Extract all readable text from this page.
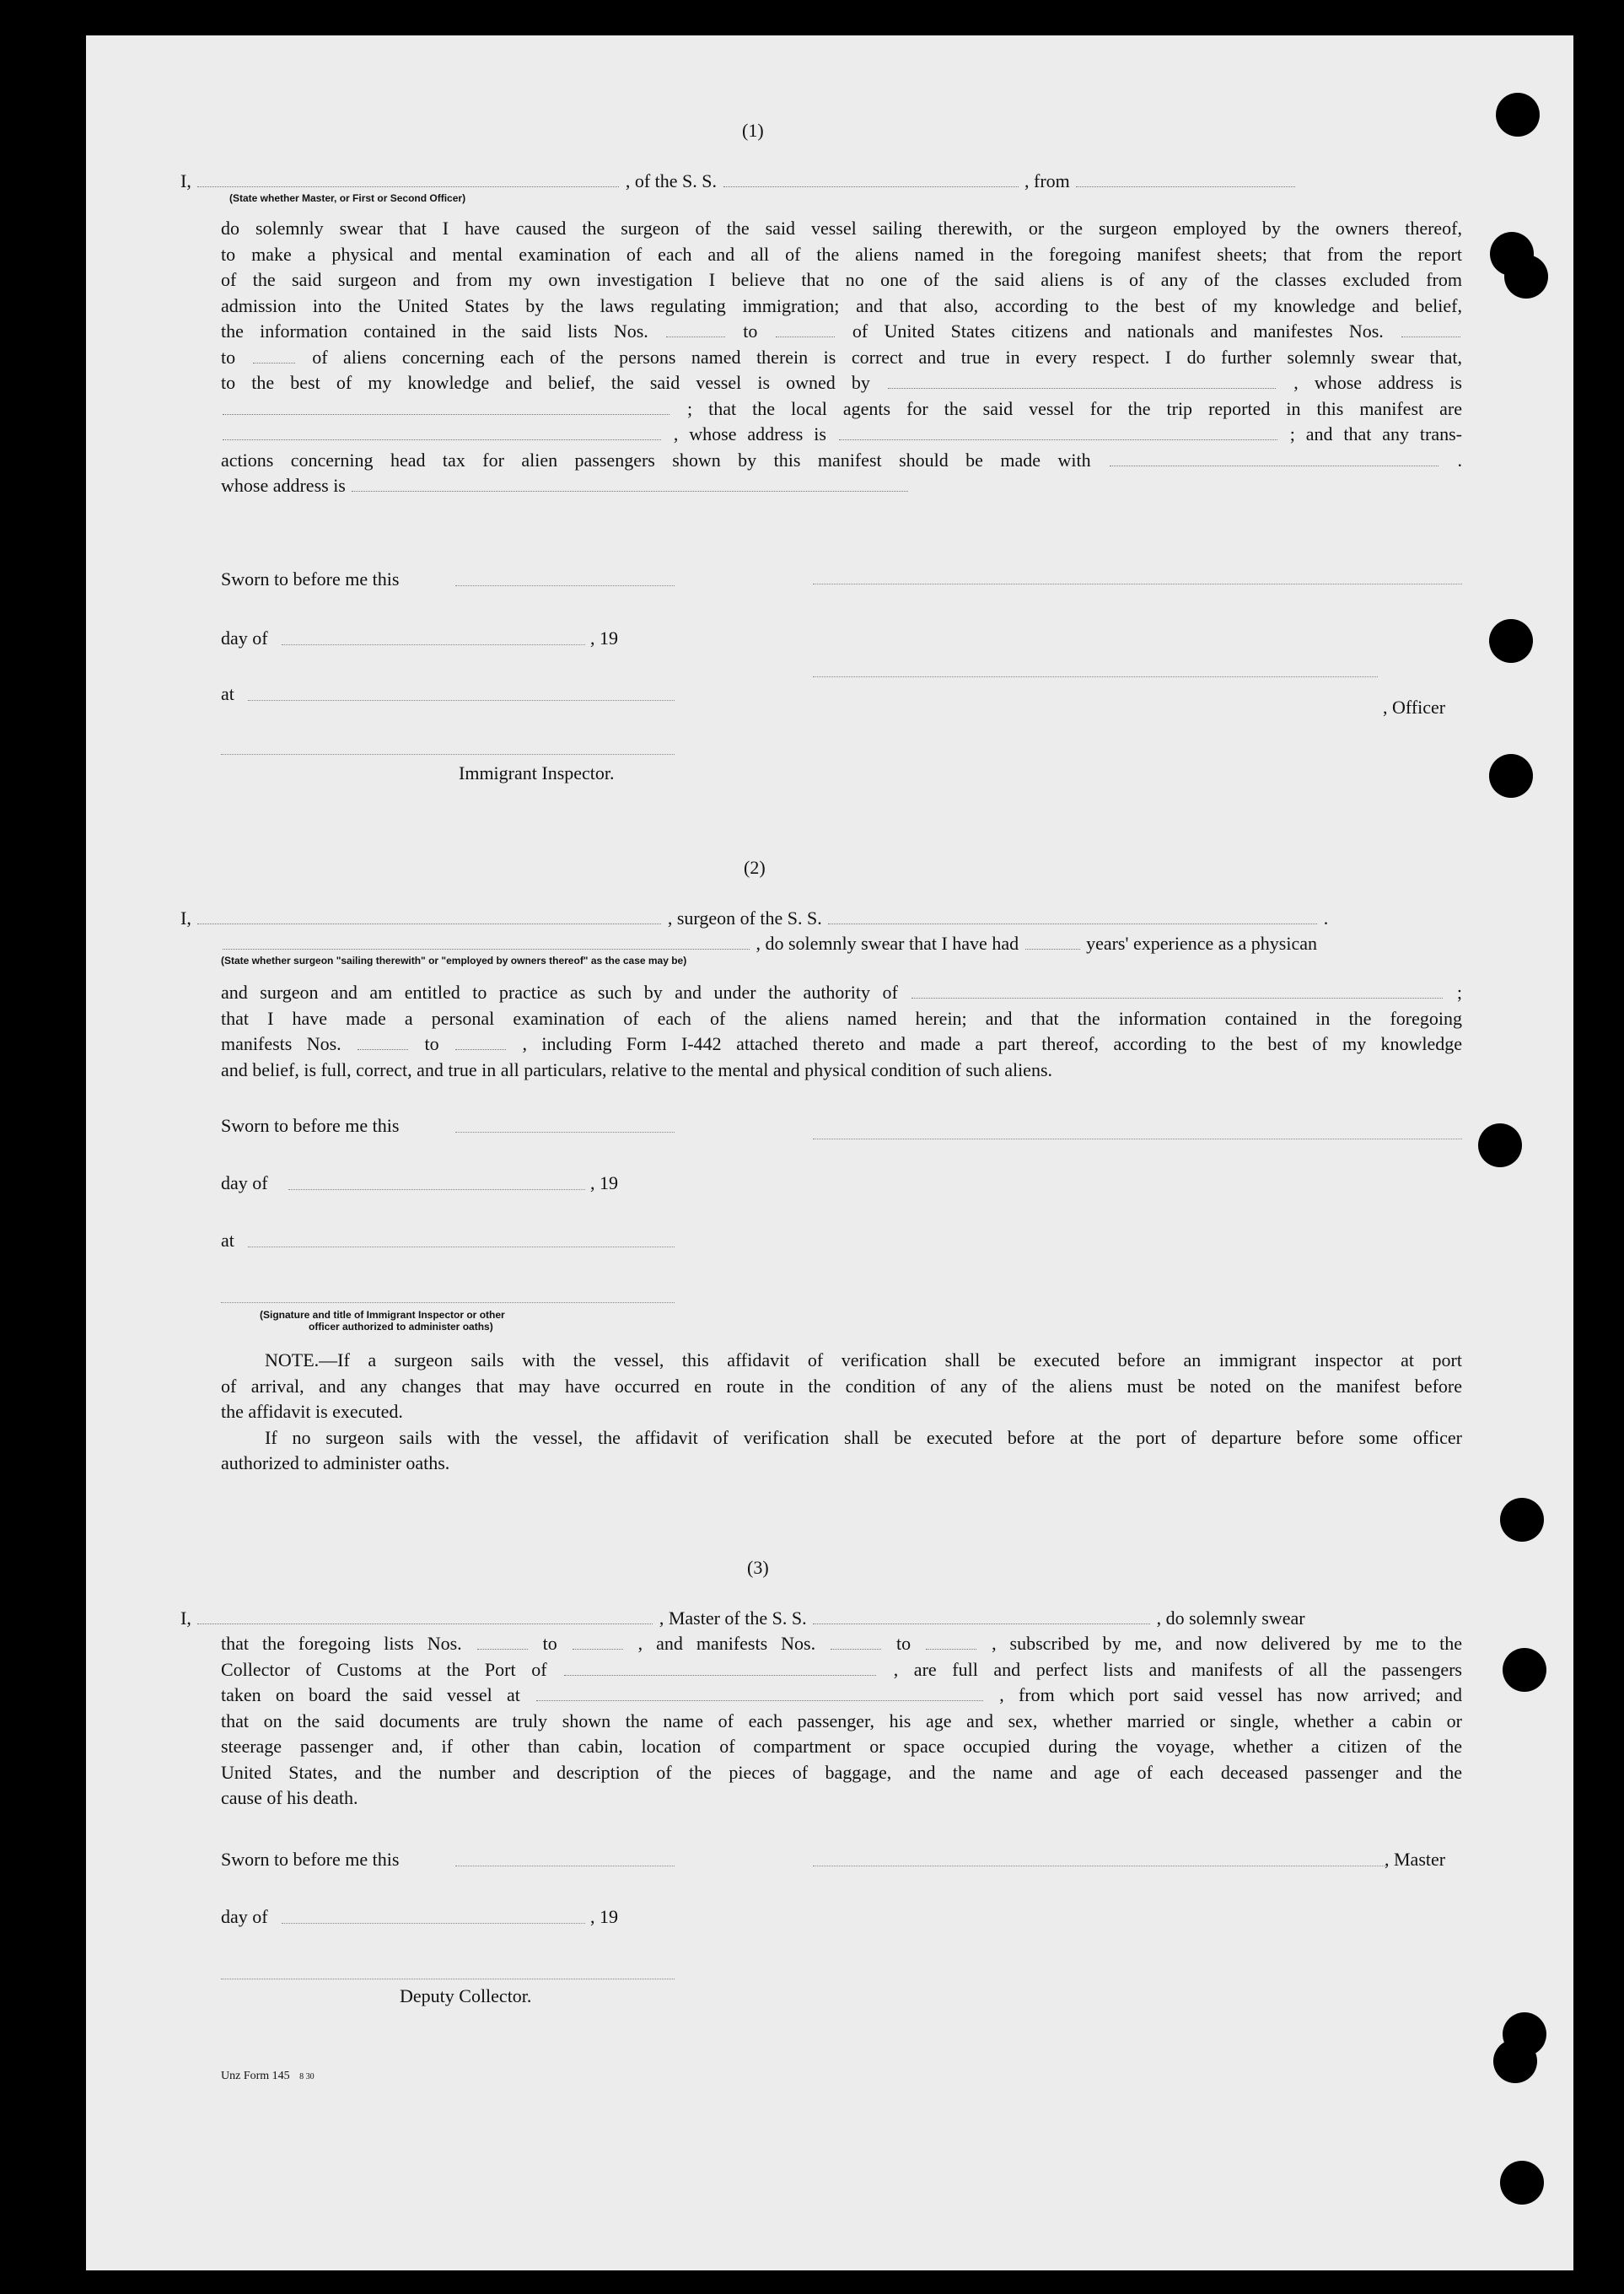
(1)
I,	, of the S. S.	, from
(State whether Master, or First or Second Officer)
do solemnly swear that I have caused the surgeon of the said vessel sailing therewith, or the surgeon employed by the owners thereof,
to make a physical and mental examination of each and all of the aliens named in the foregoing manifest sheets; that from the report
of the said surgeon and from my own investigation I believe that no one of the said aliens is of any of the classes excluded from
admission into the United States by the laws regulating immigration; and that also, according to the best of my knowledge and belief,
the information contained in the said lists Nos.	to	of United States citizens and nationals and manifestes Nos.
to	of aliens concerning each of the persons named therein is correct and true in every respect. I do further solemnly swear that,
to the best of my knowledge and belief, the said vessel is owned by	, whose address is
; that the local agents for the said vessel for the trip reported in this manifest are
, whose address is	; and that any trans-
actions concerning head tax for alien passengers shown by this manifest should be made with	.
whose address is
Sworn to before me this
day of	, 19
at
, Officer
Immigrant Inspector.
(2)
I,	, surgeon of the S. S.	.
, do solemnly swear that I have had	years' experience as a physican
(State whether surgeon "sailing therewith" or "employed by owners thereof" as the case may be)
and surgeon and am entitled to practice as such by and under the authority of	;
that I have made a personal examination of each of the aliens named herein; and that the information contained in the foregoing
manifests Nos.	to	, including Form I-442 attached thereto and made a part thereof, according to the best of my knowledge
and belief, is full, correct, and true in all particulars, relative to the mental and physical condition of such aliens.
Sworn to before me this
day of	, 19
at
(Signature and title of Immigrant Inspector or other
officer authorized to administer oaths)
NOTE.—If a surgeon sails with the vessel, this affidavit of verification shall be executed before an immigrant inspector at port
of arrival, and any changes that may have occurred en route in the condition of any of the aliens must be noted on the manifest before
the affidavit is executed.
If no surgeon sails with the vessel, the affidavit of verification shall be executed before at the port of departure before some officer
authorized to administer oaths.
(3)
I,	, Master of the S. S.	, do solemnly swear
that the foregoing lists Nos.	to	, and manifests Nos.	to	, subscribed by me, and now delivered by me to the
Collector of Customs at the Port of	, are full and perfect lists and manifests of all the passengers
taken on board the said vessel at	, from which port said vessel has now arrived; and
that on the said documents are truly shown the name of each passenger, his age and sex, whether married or single, whether a cabin or
steerage passenger and, if other than cabin, location of compartment or space occupied during the voyage, whether a citizen of the
United States, and the number and description of the pieces of baggage, and the name and age of each deceased passenger and the
cause of his death.
Sworn to before me this	, Master
day of	, 19
Deputy Collector.
Unz Form 145 8 30
